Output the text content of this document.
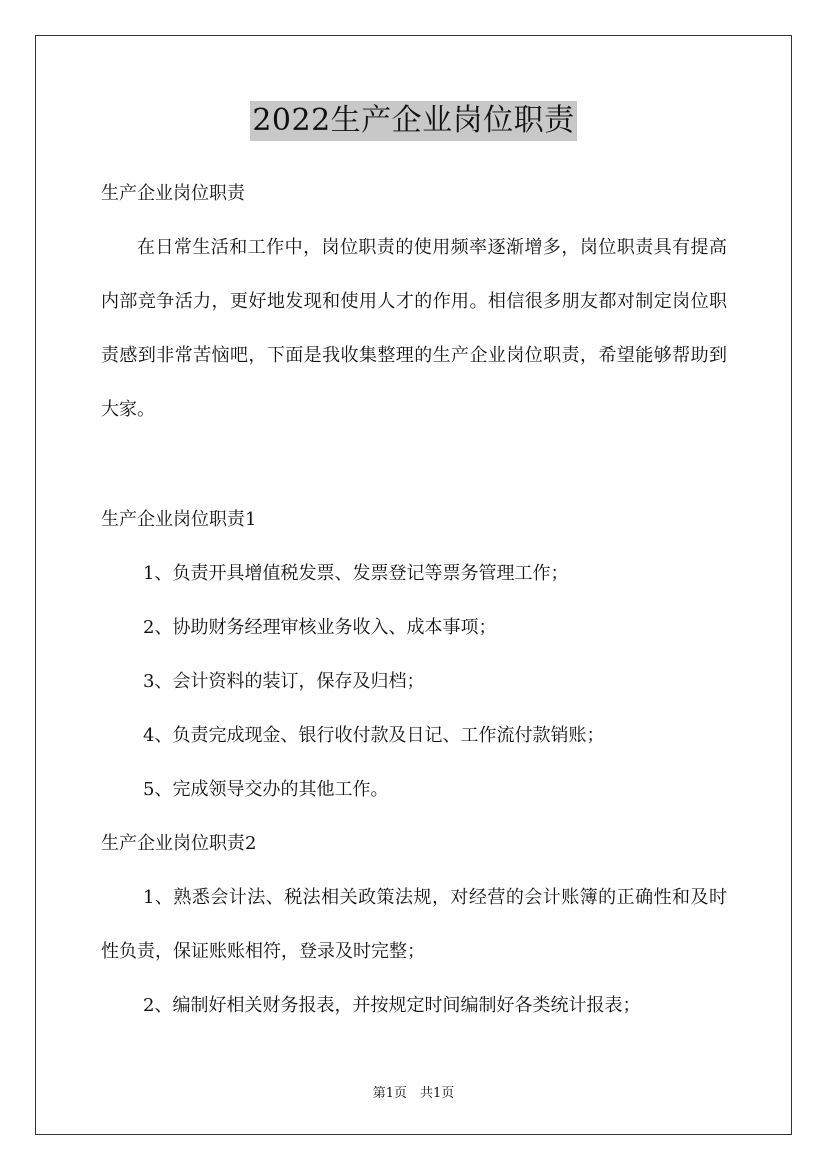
2022生产企业岗位职责
生产企业岗位职责
在日常生活和工作中，岗位职责的使用频率逐渐增多，岗位职责具有提高内部竞争活力，更好地发现和使用人才的作用。相信很多朋友都对制定岗位职责感到非常苦恼吧，下面是我收集整理的生产企业岗位职责，希望能够帮助到大家。
生产企业岗位职责1
1、负责开具增值税发票、发票登记等票务管理工作；
2、协助财务经理审核业务收入、成本事项；
3、会计资料的装订，保存及归档；
4、负责完成现金、银行收付款及日记、工作流付款销账；
5、完成领导交办的其他工作。
生产企业岗位职责2
1、熟悉会计法、税法相关政策法规，对经营的会计账簿的正确性和及时性负责，保证账账相符，登录及时完整；
2、编制好相关财务报表，并按规定时间编制好各类统计报表；
第1页　共1页
